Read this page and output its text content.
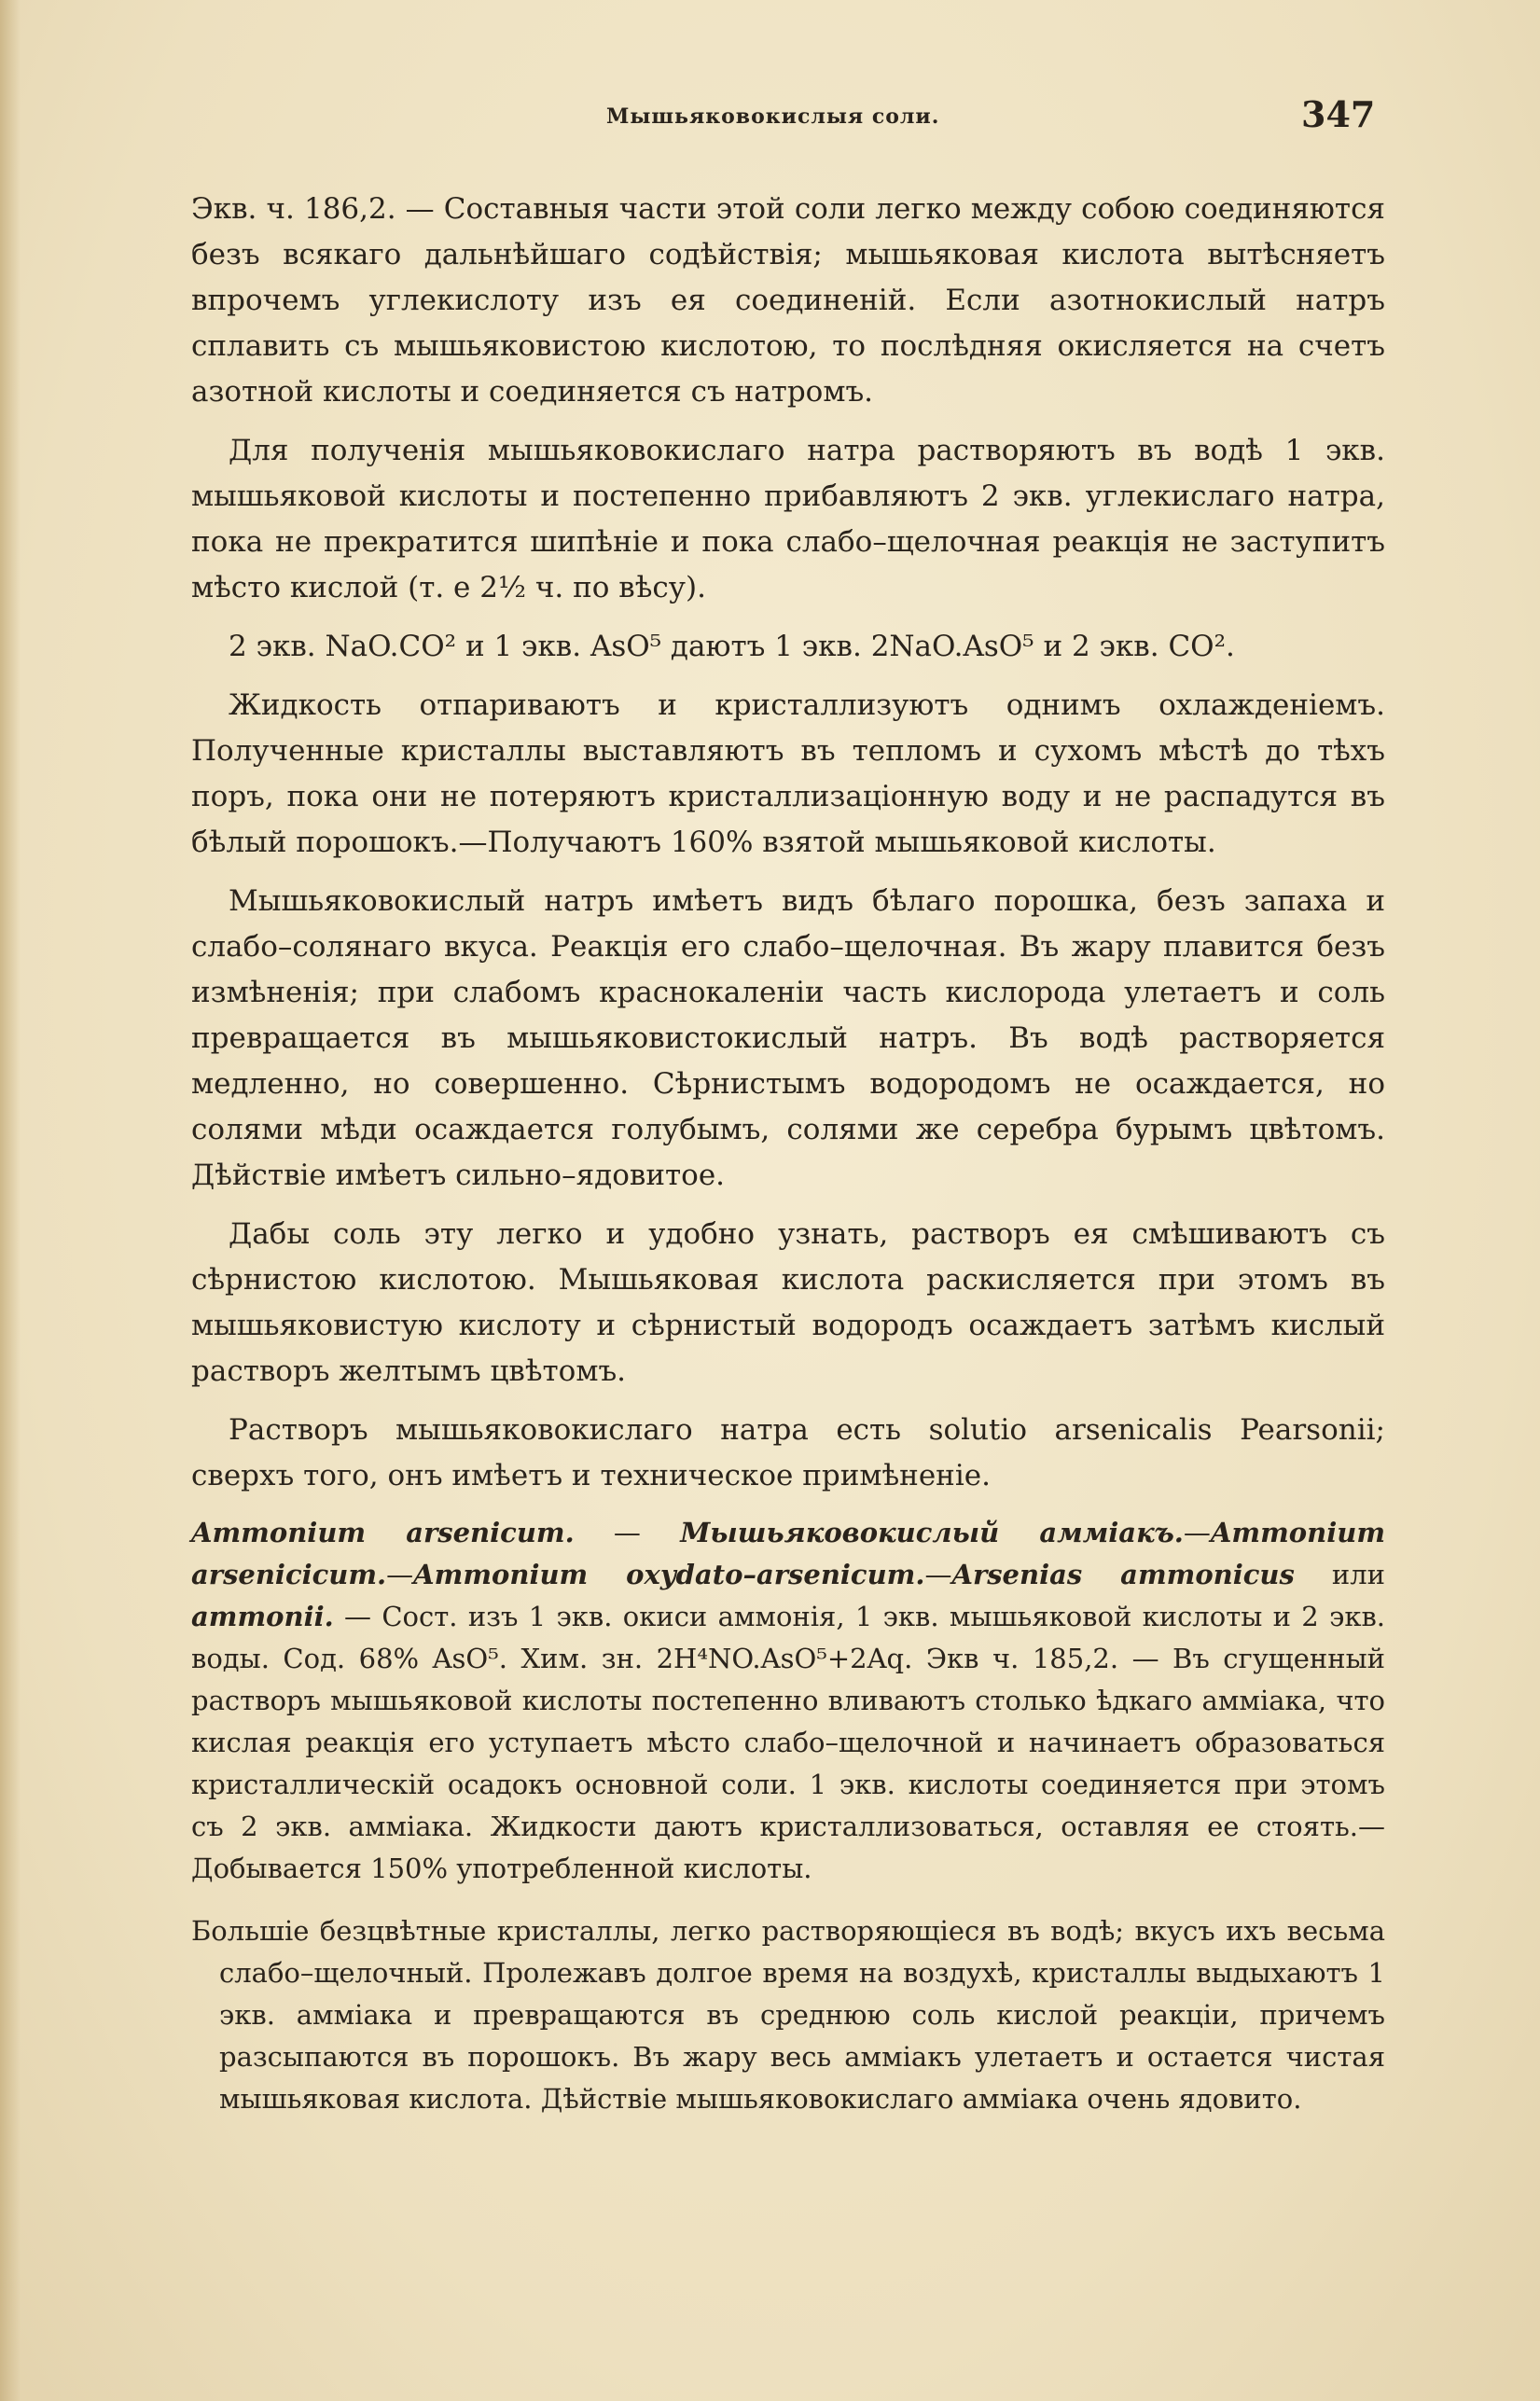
Мышьяковокислыя соли.	347

Экв. ч. 186,2. — Составныя части этой соли легко между собою соединяются безъ всякаго дальнѣйшаго содѣйствія; мышьяковая кислота вытѣсняетъ впрочемъ углекислоту изъ ея соединеній. Если азотнокислый натръ сплавить съ мышьяковистою кислотою, то послѣдняя окисляется на счетъ азотной кислоты и соединяется съ натромъ.

Для полученія мышьяковокислаго натра растворяютъ въ водѣ 1 экв. мышьяковой кислоты и постепенно прибавляютъ 2 экв. углекислаго натра, пока не прекратится шипѣніе и пока слабо–щелочная реакція не заступитъ мѣсто кислой (т. е 2½ ч. по вѣсу).

2 экв. NaO.CO² и 1 экв. AsO⁵ даютъ 1 экв. 2NaO.AsO⁵ и 2 экв. CO².

Жидкость отпариваютъ и кристаллизуютъ однимъ охлажденіемъ. Полученные кристаллы выставляютъ въ тепломъ и сухомъ мѣстѣ до тѣхъ поръ, пока они не потеряютъ кристаллизаціонную воду и не распадутся въ бѣлый порошокъ.—Получаютъ 160% взятой мышьяковой кислоты.

Мышьяковокислый натръ имѣетъ видъ бѣлаго порошка, безъ запаха и слабо–солянаго вкуса. Реакція его слабо–щелочная. Въ жару плавится безъ измѣненія; при слабомъ краснокаленіи часть кислорода улетаетъ и соль превращается въ мышьяковистокислый натръ. Въ водѣ растворяется медленно, но совершенно. Сѣрнистымъ водородомъ не осаждается, но солями мѣди осаждается голубымъ, солями же серебра бурымъ цвѣтомъ. Дѣйствіе имѣетъ сильно–ядовитое.

Дабы соль эту легко и удобно узнать, растворъ ея смѣшиваютъ съ сѣрнистою кислотою. Мышьяковая кислота раскисляется при этомъ въ мышьяковистую кислоту и сѣрнистый водородъ осаждаетъ затѣмъ кислый растворъ желтымъ цвѣтомъ.

Растворъ мышьяковокислаго натра есть solutio arsenicalis Pearsonii; сверхъ того, онъ имѣетъ и техническое примѣненіе.

Ammonium arsenicum. — Мышьяковокислый аммiакъ.—Ammonium arsenicicum.—Ammonium oxydato–arsenicum.—Arsenias ammonicus или ammonii. — Сост. изъ 1 экв. окиси аммонія, 1 экв. мышьяковой кислоты и 2 экв. воды. Сод. 68% AsO⁵. Хим. зн. 2H⁴NO.AsO⁵+2Aq. Экв ч. 185,2. — Въ сгущенный растворъ мышьяковой кислоты постепенно вливаютъ столько ѣдкаго аммiака, что кислая реакція его уступаетъ мѣсто слабо–щелочной и начинаетъ образоваться кристаллическій осадокъ основной соли. 1 экв. кислоты соединяется при этомъ съ 2 экв. аммiака. Жидкости даютъ кристаллизоваться, оставляя ее стоять.— Добывается 150% употребленной кислоты.

Большіе безцвѣтные кристаллы, легко растворяющіеся въ водѣ; вкусъ ихъ весьма слабо–щелочный. Пролежавъ долгое время на воздухѣ, кристаллы выдыхаютъ 1 экв. аммiака и превращаются въ среднюю соль кислой реакціи, причемъ разсыпаются въ порошокъ. Въ жару весь аммiакъ улетаетъ и остается чистая мышьяковая кислота. Дѣйствіе мышьяковокислаго аммiака очень ядовито.
